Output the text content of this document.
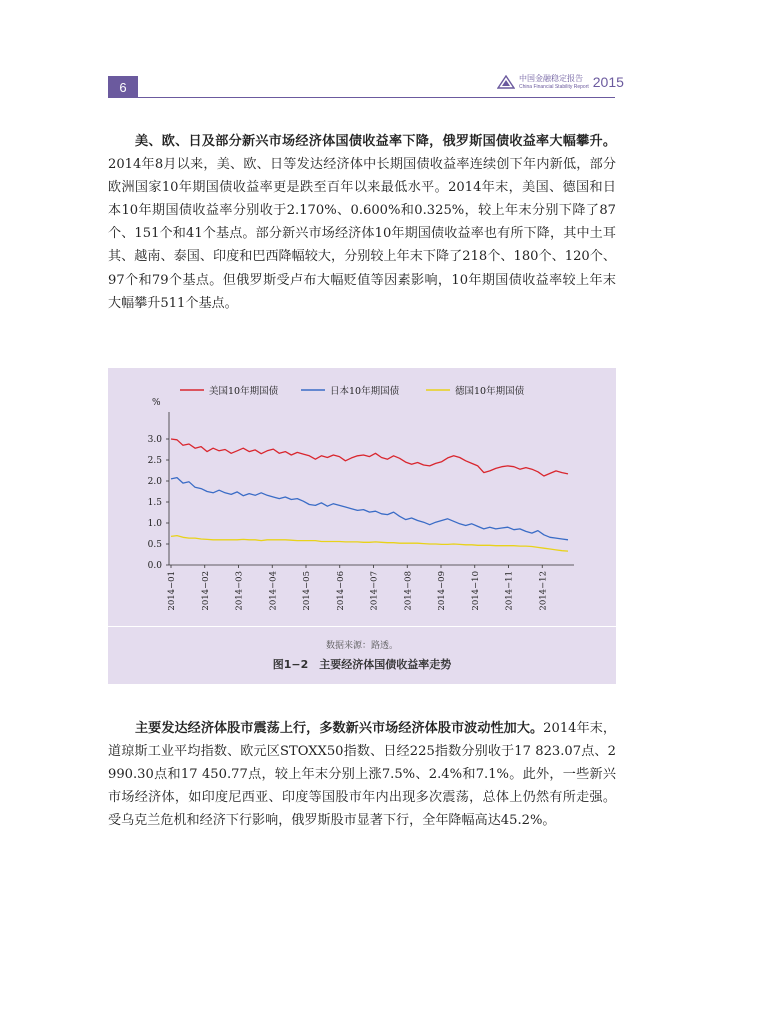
6
中国金融稳定报告
China Financial Stability Report 2015

美、欧、日及部分新兴市场经济体国债收益率下降，俄罗斯国债收益率大幅攀升。2014年8月以来，美、欧、日等发达经济体中长期国债收益率连续创下年内新低，部分欧洲国家10年期国债收益率更是跌至百年以来最低水平。2014年末，美国、德国和日本10年期国债收益率分别收于2.170%、0.600%和0.325%，较上年末分别下降了87个、151个和41个基点。部分新兴市场经济体10年期国债收益率也有所下降，其中土耳其、越南、泰国、印度和巴西降幅较大，分别较上年末下降了218个、180个、120个、97个和79个基点。但俄罗斯受卢布大幅贬值等因素影响，10年期国债收益率较上年末大幅攀升511个基点。

美国10年期国债	日本10年期国债	德国10年期国债
%
0.0
0.5
1.0
1.5
2.0
2.5
3.0
2014−01	2014−02	2014−03	2014−04	2014−05	2014−06	2014−07	2014−08	2014−09	2014−10	2014−11	2014−12
数据来源：路透。
图1−2　主要经济体国债收益率走势

主要发达经济体股市震荡上行，多数新兴市场经济体股市波动性加大。2014年末，道琼斯工业平均指数、欧元区STOXX50指数、日经225指数分别收于17 823.07点、2 990.30点和17 450.77点，较上年末分别上涨7.5%、2.4%和7.1%。此外，一些新兴市场经济体，如印度尼西亚、印度等国股市年内出现多次震荡，总体上仍然有所走强。受乌克兰危机和经济下行影响，俄罗斯股市显著下行，全年降幅高达45.2%。
